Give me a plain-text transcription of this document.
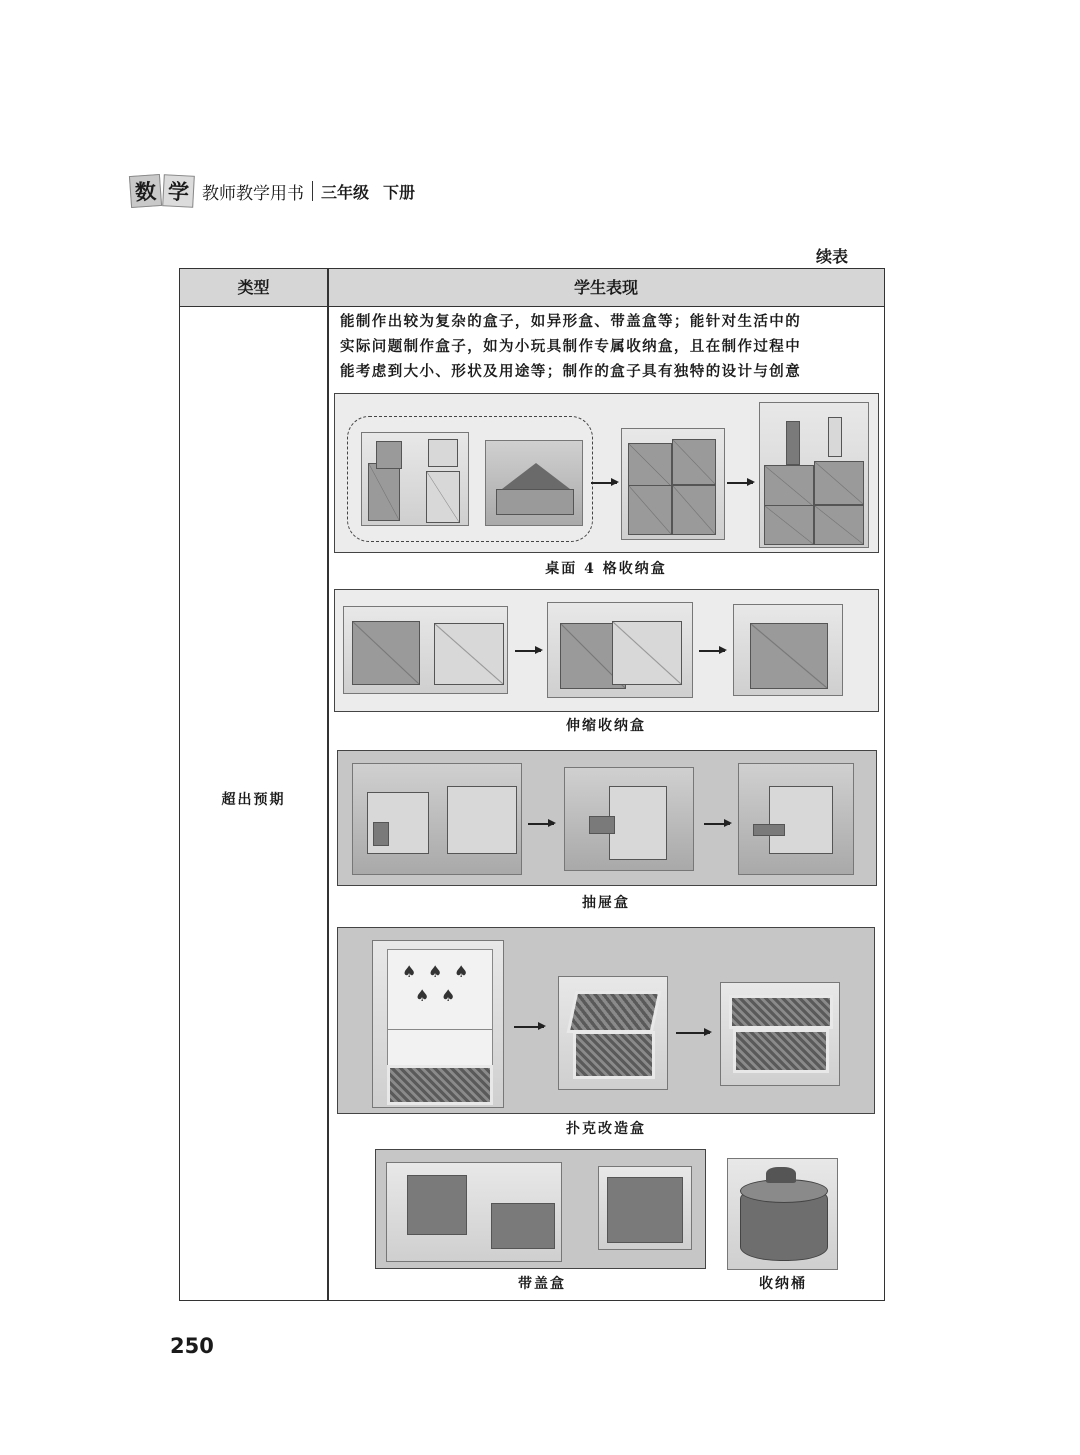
数 学 教师教学用书 三年级 下册
续表
类型	学生表现
超出预期

能制作出较为复杂的盒子，如异形盒、带盖盒等；能针对生活中的

实际问题制作盒子，如为小玩具制作专属收纳盒，且在制作过程中

能考虑到大小、形状及用途等；制作的盒子具有独特的设计与创意

桌面 4 格收纳盒
伸缩收纳盒
抽屉盒
♠ ♠ ♠
♠ ♠
扑克改造盒
带盖盒	收纳桶
250
